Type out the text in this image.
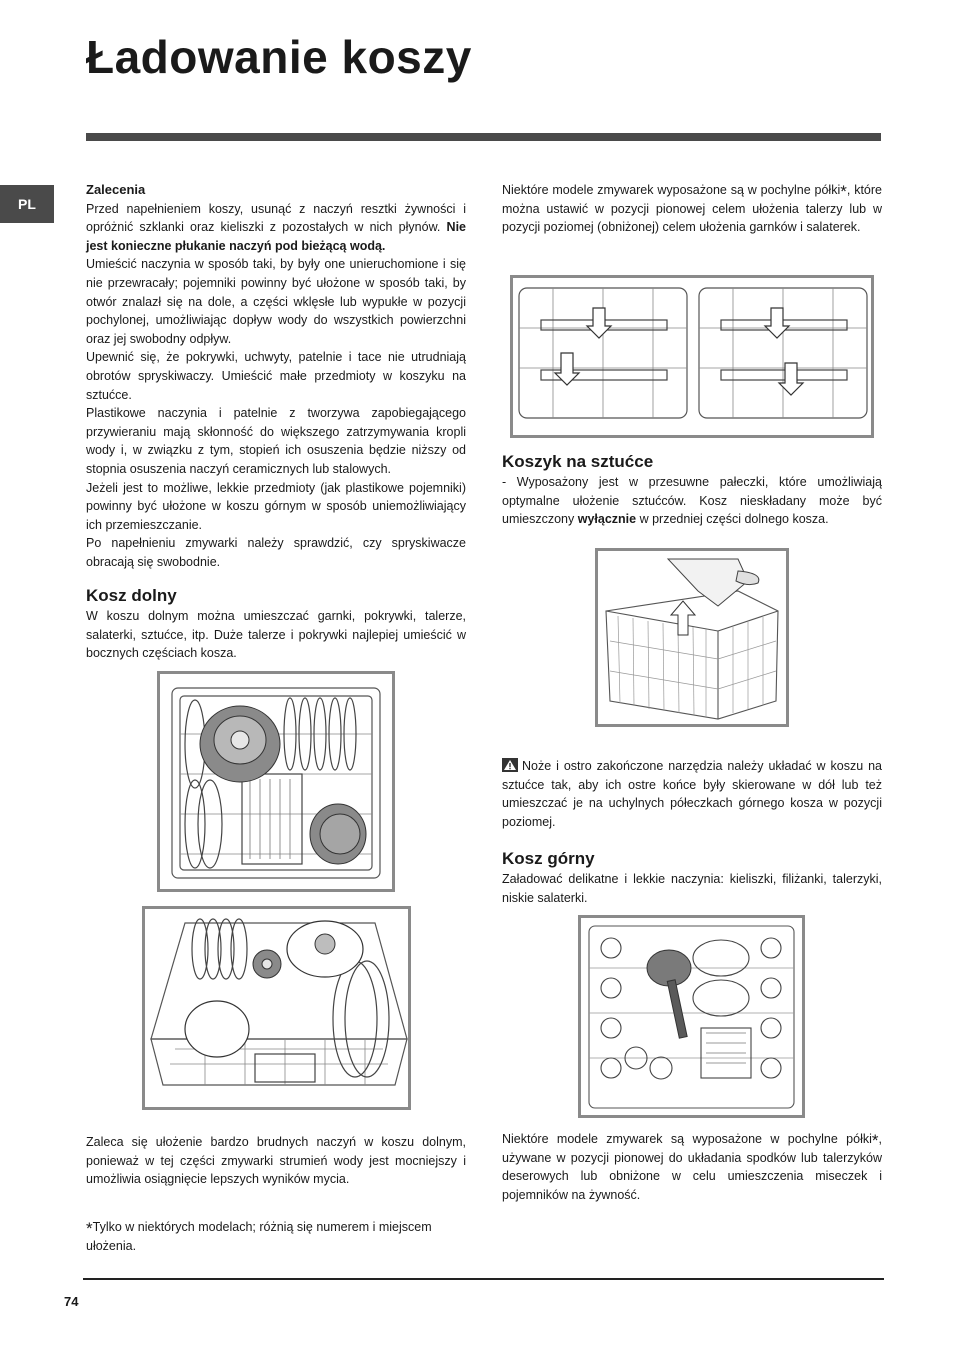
Ładowanie koszy
PL

Zalecenia

Przed napełnieniem koszy, usunąć z naczyń resztki żywności i opróżnić szklanki oraz kieliszki z pozostałych w nich płynów. Nie jest konieczne płukanie naczyń pod bieżącą wodą.

Umieścić naczynia w sposób taki, by były one unieruchomione i się nie przewracały; pojemniki powinny być ułożone w sposób taki, by otwór znalazł się na dole, a części wklęsłe lub wypukłe w pozycji pochylonej, umożliwiając dopływ wody do wszystkich powierzchni oraz jej swobodny odpływ.

Upewnić się, że pokrywki, uchwyty, patelnie i tace nie utrudniają obrotów spryskiwaczy. Umieścić małe przedmioty w koszyku na sztućce.

Plastikowe naczynia i patelnie z tworzywa zapobiegającego przywieraniu mają skłonność do większego zatrzymywania kropli wody i, w związku z tym, stopień ich osuszenia będzie niższy od stopnia osuszenia naczyń ceramicznych lub stalowych.

Jeżeli jest to możliwe, lekkie przedmioty (jak plastikowe pojemniki) powinny być ułożone w koszu górnym w sposób uniemożliwiający ich przemieszczanie.

Po napełnieniu zmywarki należy sprawdzić, czy spryskiwacze obracają się swobodnie.

Kosz dolny

W koszu dolnym można umieszczać garnki, pokrywki, talerze, salaterki, sztućce, itp. Duże talerze i pokrywki najlepiej umieścić w bocznych częściach kosza.

Zaleca się ułożenie bardzo brudnych naczyń w koszu dolnym, ponieważ w tej części zmywarki strumień wody jest mocniejszy i umożliwia osiągnięcie lepszych wyników mycia.
*Tylko w niektórych modelach; różnią się numerem i miejscem ułożenia.
Niektóre modele zmywarek wyposażone są w pochylne półki*, które można ustawić w pozycji pionowej celem ułożenia talerzy lub w pozycji poziomej (obniżonej) celem ułożenia garnków i salaterek.

Koszyk na sztućce

- Wyposażony jest w przesuwne pałeczki, które umożliwiają optymalne ułożenie sztućców. Kosz nieskładany może być umieszczony wyłącznie w przedniej części dolnego kosza.

Noże i ostro zakończone narzędzia należy układać w koszu na sztućce tak, aby ich ostre końce były skierowane w dół lub też umieszczać je na uchylnych półeczkach górnego kosza w pozycji poziomej.

Kosz górny

Załadować delikatne i lekkie naczynia: kieliszki, filiżanki, talerzyki, niskie salaterki.

Niektóre modele zmywarek są wyposażone w pochylne półki*, używane w pozycji pionowej do układania spodków lub talerzyków deserowych lub obniżone w celu umieszczenia miseczek i pojemników na żywność.
74
